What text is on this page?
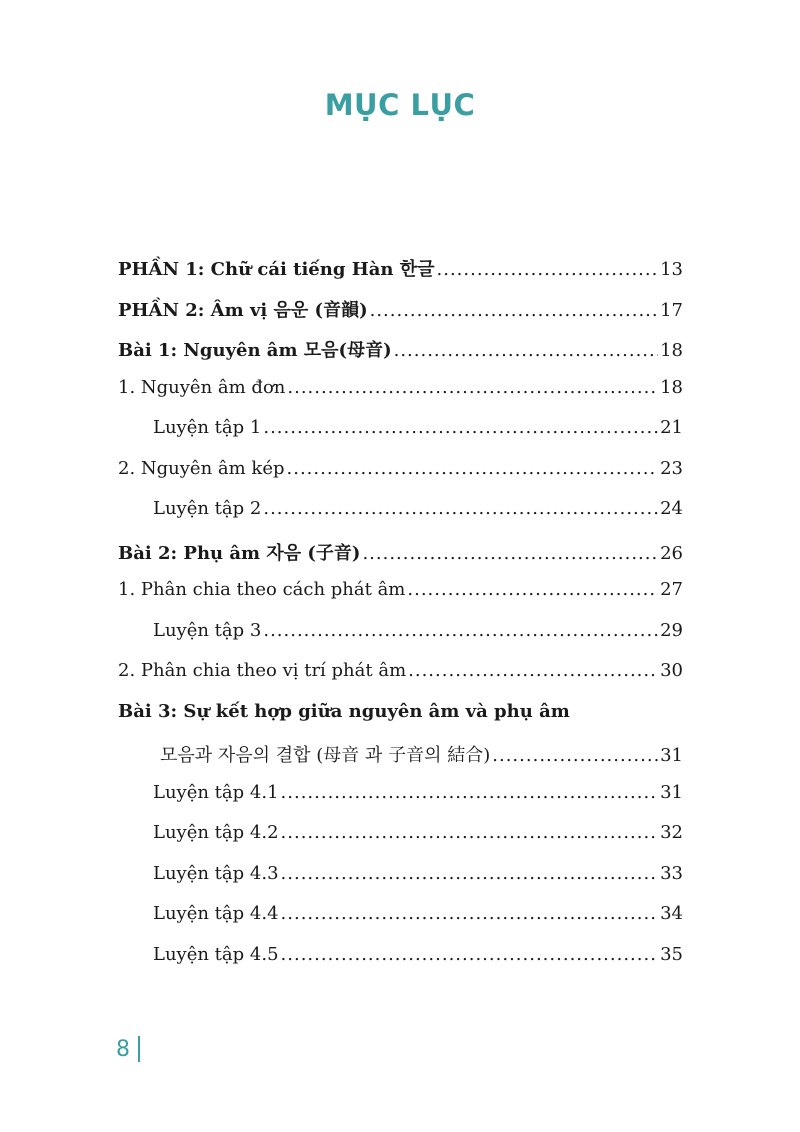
MỤC LỤC
PHẦN 1: Chữ cái tiếng Hàn 한글 .....	13
PHẦN 2: Âm vị 음운 (音韻) .....	17
Bài 1: Nguyên âm 모음(母音) .....	18
1. Nguyên âm đơn .....	18
Luyện tập 1 .....	21
2. Nguyên âm kép .....	23
Luyện tập 2 .....	24
Bài 2: Phụ âm 자음 (子音) .....	26
1. Phân chia theo cách phát âm .....	27
Luyện tập 3 .....	29
2. Phân chia theo vị trí phát âm .....	30
Bài 3: Sự kết hợp giữa nguyên âm và phụ âm
모음과 자음의 결합 (母音 과 子音의 結合) .....	31
Luyện tập 4.1 .....	31
Luyện tập 4.2 .....	32
Luyện tập 4.3 .....	33
Luyện tập 4.4 .....	34
Luyện tập 4.5 .....	35
8
